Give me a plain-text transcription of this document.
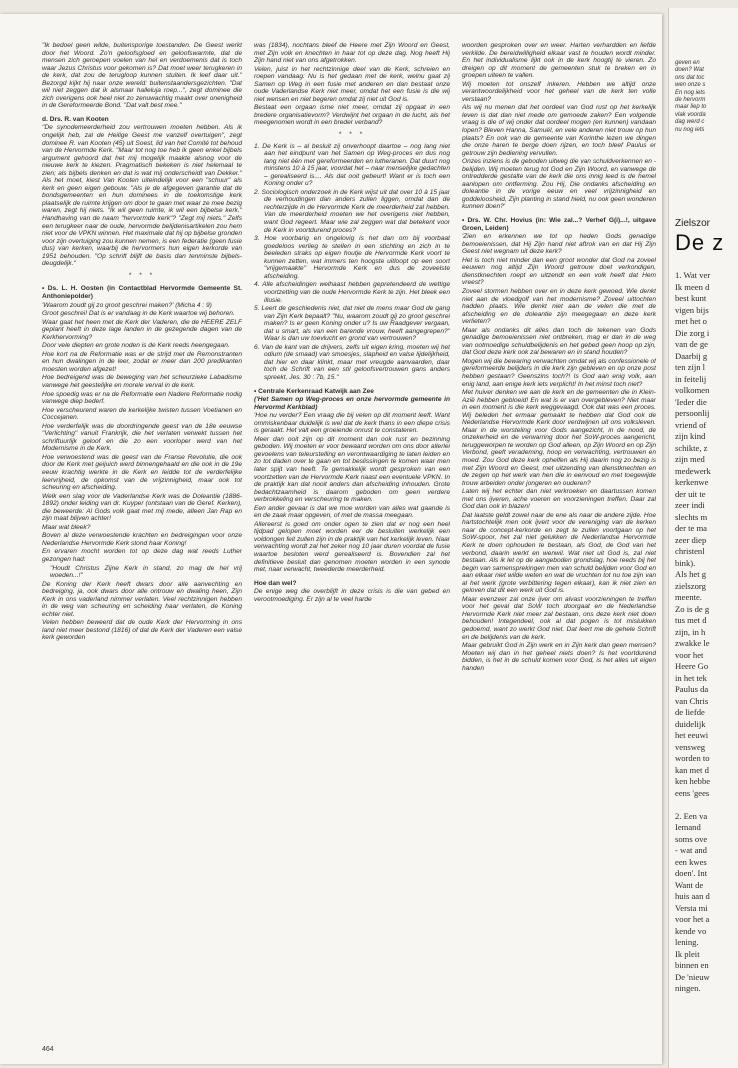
"Ik bedoel geen wilde, buitensporige toestanden. De Geest werkt door het Woord. Zo'n geloofsgloed en geloofswarmte, dat de mensen zich geroepen voelen van hel en verdoemenis dat is toch waar Jezus Christus voor gekomen is? Dat moet weer terugkeren in de kerk, dat zou de terugloop kunnen stuiten. Ik leef daar uit." Bezorgd kijkt hij naar onze wereld: buitenstaandersgezichten. "Dat wil niet zeggen dat ik alsmaar halleluja roep...", zegt dominee die zich overigens ook heel niet zo zenuwachtig maakt over onenigheid in de Gereformeerde Bond. "Dat valt best mee."

d. Drs. R. van Kooten

"De synodemeerderheid zou vertrouwen moeten hebben. Als ik ongelijk heb, zal de Heilige Geest me vanzelf overtuigen", zegt dominee R. van Kooten (45) uit Soest, lid van het Comité tot behoud van de Hervormde Kerk. "Maar tot nog toe heb ik geen enkel bijbels argument gehoord dat het mij mogelijk maakte alsnog voor de nieuwe kerk te kiezen. Pragmatisch bekeken is niet helemaal te zien; als bijbels denken en dat is wat mij onderscheidt van Dekker." Als het moet, kiest Van Kooten uiteindelijk voor een "schuur" als kerk en geen eigen gebouw. "Als je de afgegeven garantie dat de bondsgemeenten en hun dominees in de toekomstige kerk plaatselijk de ruimte krijgen om door te gaan met waar ze mee bezig waren, zegt hij niets. "Ik wil geen ruimte, ik wil een bijbelse kerk." Handhaving van de naam "hervormde kerk"? "Zegt mij niets." Zelfs een terugkeer naar de oude, hervormde belijdenisartikelen zou hem niet voor de VPKN winnen. Het maximale dat hij op bijbelse gronden voor zijn overtuiging zou kunnen nemen, is een federatie (geen fusie dus) van kerken, waarbij de hervormers hun eigen kerkorde van 1951 behouden. "Op schrift blijft de basis dan tenminste bijbels-deugdelijk."

* * *

• Ds. L. H. Oosten (in Contactblad Hervormde Gemeente St. Anthoniepolder)

'Waarom zoudt gij zo groot geschrei maken?' (Micha 4 : 9)

Groot geschrei! Dat is er vandaag in de Kerk waartoe wij behoren.

Waar gaat het heen met de Kerk der Vaderen, die de HEERE ZELF geplant heeft in deze lage landen in de gezegende dagen van de Kerkhervorming?

Door vele diepten en grote noden is de Kerk reeds heengegaan.

Hoe kort na de Reformatie was er de strijd met de Remonstranten en hun dwalingen in de leer, zodat er meer dan 200 predikanten moesten worden afgezet!

Hoe bedreigend was de beweging van het scheurzieke Labadisme vanwege het geestelijke en morele verval in de kerk.

Hoe spoedig was er na de Reformatie een Nadere Reformatie nodig vanwege diep bederf.

Hoe verscheurend waren de kerkelijke twisten tussen Voetianen en Coccejanen.

Hoe verderfelijk was de doordringende geest van de 18e eeuwse "Verlichting" vanuit Frankrijk, die het verlaten verwekt tussen het schriftuurlijk geloof en die zo een voorloper werd van het Modernisme in de Kerk.

Hoe verwoestend was de geest van de Franse Revolutie, die ook door de Kerk met geijuich werd binnengehaald en die ook in de 19e eeuw krachtig werkte in de Kerk en leidde tot de verderfelijke leervrijheid, de opkomst van de vrijzinnigheid, maar ook tot scheuring en afscheiding.

Welk een slag voor de Vaderlandse Kerk was de Doleantie (1886-1892) onder leiding van dr. Kuyper (ontstaan van de Geref. Kerken), die beweerde: Al Gods volk gaat met mij mede, alleen Jan Rap en zijn maat blijven achter!

Maar wat bleek?

Boven al deze verwoestende krachten en bedreigingen voor onze Nederlandse Hervormde Kerk stond haar Koning!

En ervaren mocht worden tot op deze dag wat reeds Luther gezongen had:

"Houdt Christus Zijne Kerk in stand, zo mag de hel vrij woeden...!"

De Koning der Kerk heeft dwars door alle aanvechting en bedreiging, ja, ook dwars door alle ontrouw en dwaling heen, Zijn Kerk in ons vaderland nimmer verlaten. Veel rechtzinnigen hebben in de weg van scheuring en scheiding haar verlaten, de Koning echter niet.

Velen hebben beweerd dat de oude Kerk der Hervorming in ons land niet meer bestond (1816) of dat de Kerk der Vaderen een valse kerk geworden

was (1834), nochtans bleef de Heere met Zijn Woord en Geest, met Zijn volk en knechten in haar tot op deze dag. Nog heeft Hij Zijn hand niet van ons afgetrokken.

Velen, juist in het rechtzinnige deel van de Kerk, schreien en roepen vandaag: Nu is het gedaan met de kerk, welnu gaat zij Samen op Weg in een fusie met anderen en dan bestaat onze oude Vaderlandse Kerk niet meer, omdat het een fusie is die wij niet wensen en niet begeren omdat zij niet uit God is.

Bestaat een orgaan isme niet meer, omdat zij opgaat in een bredere organisatievorm? Verdwijnt het orgaan in de lucht, als het meegenomen wordt in een breder verband?

* * *

1. De Kerk is – al besluit zij onverhoopt daartoe – nog lang niet aan het eindpunt van het Samen op Weg-proces en dus nog lang niet één met gereformeerden en lutheranen. Dat duurt nog minstens 10 à 15 jaar, voordat het – naar menselijke gedachten – gerealiseerd is.... Als dat ooit gebeurt! Want er is toch een Koning onder u?

2. Sociologisch onderzoek in de Kerk wijst uit dat over 10 à 15 jaar de verhoudingen dan anders zullen liggen, omdat dan de rechterzijde in de Hervormde Kerk de meerderheid zal hebben. Van de meerderheid moeten we het overigens niet hebben, want God regeert. Maar wie zal zeggen wat dat betekent voor de Kerk in voortdurend proces?

3. Hoe voorbarig en ongelovig is het dan om bij voorbaat goedeloos verlieg te stellen in een stichting en zich in te beeleden straks op eigen houtje de Hervormde Kerk voort te kunnen zetten, wat immers ten hoogste uitloopt op een soort "vrijgemaakte" Hervormde Kerk en dus de zoveelste afscheiding.

4. Alle afscheidingen welhaast hebben gepretendeerd de wettige voortzetting van de oude Hervormde Kerk te zijn. Het bleek een illusie.

5. Leert de geschiedenis niet, dat niet de mens maar God de gang van Zijn Kerk bepaalt? "Nu, waarom zoudt gij zo groot geschrei maken? Is er geen Koning onder u? Is uw Raadgever vergaan, dat u smart, als van een barende vrouw, heeft aangegrepen?" Waar is dan uw toevlucht en grond van vertrouwen?

6. Van de kant van de drijvers, zelfs uit eigen kring, moeten wij het odium (de smaad) van smoesjes, slapheid en valse lijdelijkheid, dat hier en daar klinkt, maar met vreugde aanvaarden, daar toch de Schrift van een stil geloofsvertrouwen gans anders spreekt, Jes. 30 : 7b, 15."

• Centrale Kerkenraad Katwijk aan Zee

('Het Samen op Weg-proces en onze hervormde gemeente in Hervormd Kerkblad)

'Hoe nu verder? Een vraag die bij velen op dit moment leeft. Want ommiskenbaar duidelijk is wel dat de kerk thans in een diepe crisis is geraakt. Het valt een groeiende onrust te constateren.

Meer dan ooit zijn op dit moment dan ook rust en bezinning geboden. Wij moeten er voor bewaard worden om ons door allerlei gevoelens van teleurstelling en verontwaardiging te laten leiden en zo tot daden over te gaan en tot beslissingen te komen waar men later spijt van heeft. Te gemakkelijk wordt gesproken van een voortzetten van de Hervormde Kerk naast een eventuele VPKN. In de praktijk kan dat nooit anders dan afscheiding inhouden. Grote bedachtzaamheid is daarom geboden om geen verdere verbrokkeling en verscheuring te maken.

Een ander gevaar is dat we moe worden van alles wat gaande is en de zaak maar opgeven, of met de massa meegaan.

Allereerst is goed om onder ogen te zien dat er nog een heel tijdpad gelopen moet worden eer de besluiten werkelijk een voldongen feit zullen zijn in de praktijk van het kerkelijk leven. Naar verwachting wordt zal het zeker nog 10 jaar duren voordat de fusie waartoe besloten werd gerealiseerd is. Bovendien zal het definitieve besluit dan genomen moeten worden in een synode met, naar verwacht, tweederde meerderheid.

Hoe dan wel?

De enige weg die overblijft in deze crisis is die van gebed en verootmoediging. Er zijn al te veel harde

woorden gesproken over en weer. Harten verhardden en liefde verkilde. De bereidwilligheid elkaar vast te houden wordt minder. En het individualisme lijkt ook in de kerk hoogtij te vieren. Zo dreigen op dit moment de gemeenten stuk te breken en in groepen uiteen te vallen.

Wij moeten tot onszelf inkeren. Hebben we altijd onze verantwoordelijkheid voor het geheel van de kerk ten volle verstaan?

Als wij nu menen dat het oordeel van God rust op het kerkelijk leven is dat dan niet mede om gemoede zaken? Een volgende vraag is die of wij onder dat oordeel mogen (en kunnen) vandaan lopen? Bleven Hanna, Samuël, en vele anderen niet trouw op hun plaats? En ook van de gemeente van Korinthe lezen we dingen die onze haren te berge doen rijzen, en toch bleef Paulus er getrouw zijn bediening vervullen.

Onzes inziens is de geboden uitweg die van schuldverkennen en -belijden. Wij moeten terug tot God en Zijn Woord, en vanwege de ontredderde gestalte van de kerk die ons innig leed is de hemel aanlopen om ontferming. Zou Hij, Die ondanks afscheiding en doleantie in de vorige eeuw en veel vrijzinnigheid en goddeloosheid, Zijn planting in stand hield, nu ook geen wonderen kunnen doen?'

• Drs. W. Chr. Hovius (in: Wie zal...? Verhef G(i)...!, uitgave Groen, Leiden)

'Zien en erkennen we tot op heden Gods genadige bemoeienissen, dat Hij Zijn hand niet aftrok van en dat Hij Zijn Geest niet wegnam uit deze kerk?

Het is toch niet minder dan een groot wonder dat God na zoveel eeuwen nog altijd Zijn Woord getrouw doet verkondigen, dienstknechten roept en uitzendt en een volk heeft dat Hem vreest?

Zoveel stormen hebben over en in deze kerk gewoed. Wie denkt niet aan de vloedgolf van het modernisme? Zoveel uittochten hadden plaats. Wie denkt niet aan de velen die met de afscheiding en de doleantie zijn meegegaan en deze kerk verlieten?

Maar als ondanks dit alles dan toch de tekenen van Gods genadige bemoeienissen niet ontbreken, mag er dan in de weg van ootmoedige schuldbelijdenis en het gebed geen hoop op zijn, dat God deze kerk ook zal bewaren en in stand houden?

Mogen wij die bewaring verwachten omdat wij als confessionele of gereformeerde belijders in die kerk zijn gebleven en op onze post hebben gestaan? Geenszins toch?! Is God aan enig volk, aan enig land, aan enige kerk iets verplicht! In het minst toch niet?

Met huiver denken we aan de kerk en de gemeenten die in Klein-Azië hebben gebloeid! En wat is er van overgebleven? Niet maar in een moment is die kerk weggevaagd. Ook dat was een proces. Wij beleden het ermaar gemaakt te hebben dat God ook de Nederlandse Hervormde Kerk door verdwijnen uit ons volksleven. Maar in de worsteling voor Gods aangezicht, in de nood, de onzekerheid en de verwarring door het SoW-proces aangericht, teruggeworpen te worden op God alleen, op Zijn Woord en op Zijn Verbond, geeft verademing, hoop en verwachting, vertrouwen en moed. Zou God deze kerk ophelfen als Hij daarin nog zo bezig is met Zijn Woord en Geest, met uitzending van dienstknechten en de zegen op het werk van hen die in eenvoud en met toegewijde trouw arbeiden onder jongeren en ouderen?

Laten wij het echter dan niet verkroeken en daartussen komen met ons ijveren, ache voeren en voorzieningen treffen. Daar zal God dan ook in blazen!

Dat laatste geldt zowel naar de ene als naar de andere zijde. Hoe hartstochtelijk men ook ijvert voor de vereniging van de kerken naar de concept-kerkorde en zegt te zullen voortgaan op het SoW-spoor, het zal niet gelukken de Nederlandse Hervormde Kerk te doen ophouden te bestaan, als God, de God van het verbond, daarin werkt en wenwil. Wat niet uit God is, zal niet bestaan. Als ik let op de aangeboden grondslag, hoe reeds bij het begin van samensprekingen men van schuld belijden voor God en aan elkaar niet wilde weten en wat de vruchten tot nu toe zijn van al het werk (grote verbittering tegen elkaar), kan ik niet zien en geloven dat dit een werk uit God is.

Maar evenzeer zal onze ijver om alvast voorzieningen te treffen voor het geval dat SoW toch doorgaat en de Nederlandse Hervormde Kerk niet meer zal bestaan, ons deze kerk niet doen behouden! Integendeel, ook al dat pogen is tot mislukken gedoemd, want zo werkt God niet. Dat leert me de gehele Schrift en de belijdenis van de kerk.

Maar gebruikt God in Zijn werk en in Zijn kerk dan geen mensen? Moeten wij dan in het geheel niets doen? Is het voortdurend bidden, is het in de schuld komen voor God, is het alles uit eigen handen

464
geven en
doen? Wat
ons dat toc
wen onze s
En nog iets
de hervorm
maar liep to
vlak voorda
dag werd c
nu nog iets
Zielszor
De z
1. Wat ver
Ik meen d
best kunt
vigen bijs
met het o
Die zorg i
van de ge
Daarbij g
ten zijn l
in feitelij
volkomen
'Ieder die
persoonlij
vriend of
zijn kind
schikte, z
zijn med
medewerk
kerkenwe
der uit te
zeer indi
slechts m
der te ma
zeer diep
christenl
bink).
Als het g
zielszorg
meente.
Zo is de g
tus met d
zijn, in h
zwakke le
voor het
Heere Go
in het tek
Paulus da
van Chris
de liefde
duidelijk
het eeuwi
vensweg
worden to
kan met d
ken hebbe
eens 'gees
2. Een va
Iemand
soms ove
- wat and
een kwes
doen'. Int
Want de
huis aan d
Versta mi
voor het a
kende vo
lening.
Ik pleit
binnen en
De 'nieuw
ningen.
